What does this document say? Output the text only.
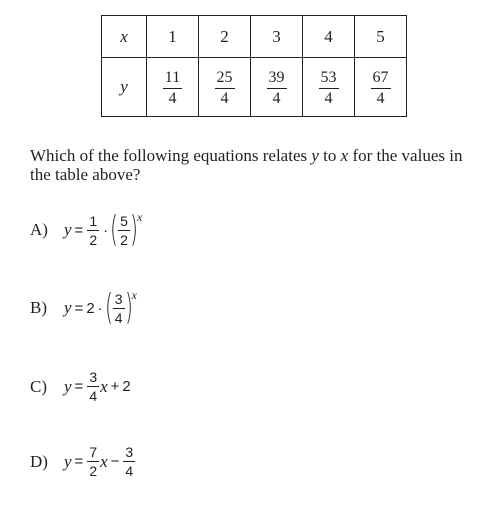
x	1	2	3	4	5
y	$\frac{11}{4}$	$\frac{25}{4}$	$\frac{39}{4}$	$\frac{53}{4}$	$\frac{67}{4}$
Which of the following equations relates y to x for the values in the table above?
A) $y = \frac{1}{2}$ · ( $\frac{5}{2}$ ) x
B)	y = 2 · ( $\frac{3}{4}$ ) x
C)	$y = \frac{3}{4}$ x + 2
D) $y = \frac{7}{2}$ $x - \frac{3}{4}$
